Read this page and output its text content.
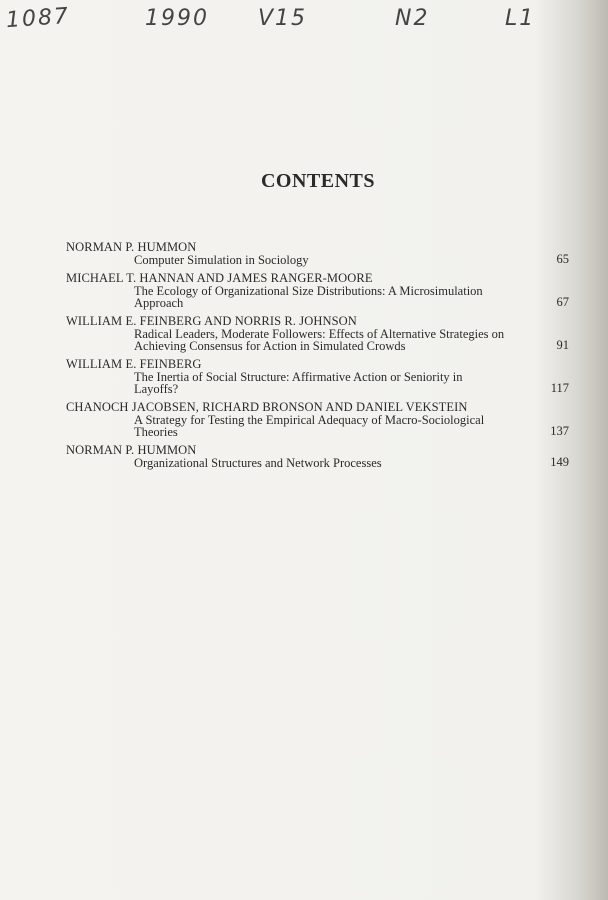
1087	1990 V15	N2	L1
CONTENTS
NORMAN P. HUMMON
Computer Simulation in Sociology	65
MICHAEL T. HANNAN AND JAMES RANGER-MOORE
The Ecology of Organizational Size Distributions: A Microsimulation Approach	67
WILLIAM E. FEINBERG AND NORRIS R. JOHNSON
Radical Leaders, Moderate Followers: Effects of Alternative Strategies on Achieving Consensus for Action in Simulated Crowds	91
WILLIAM E. FEINBERG
The Inertia of Social Structure: Affirmative Action or Seniority in Layoffs?	117
CHANOCH JACOBSEN, RICHARD BRONSON AND DANIEL VEKSTEIN
A Strategy for Testing the Empirical Adequacy of Macro-Sociological Theories	137
NORMAN P. HUMMON
Organizational Structures and Network Processes	149
